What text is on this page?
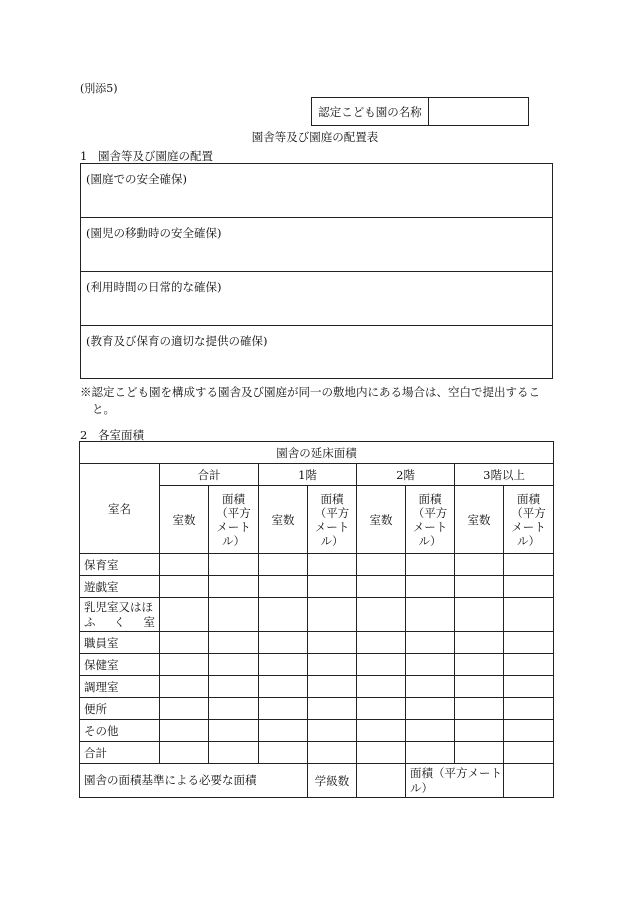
(別添5)
認定こども園の名称
園舎等及び園庭の配置表
1 園舎等及び園庭の配置
(園庭での安全確保)
(園児の移動時の安全確保)
(利用時間の日常的な確保)
(教育及び保育の適切な提供の確保)
※認定こども園を構成する園舎及び園庭が同一の敷地内にある場合は、空白で提出するこ
と。
2 各室面積
園舎の延床面積								
室名	合計		1階		2階		3階以上	
	室数	面積（平方メートル）	室数	面積（平方メートル）	室数	面積（平方メートル）	室数	面積（平方メートル）
保育室								
遊戯室								
乳児室又はほふく室								
職員室								
保健室								
調理室								
便所								
その他								
合計								
園舎の面積基準による必要な面積				学級数		面積（平方メートル）		
